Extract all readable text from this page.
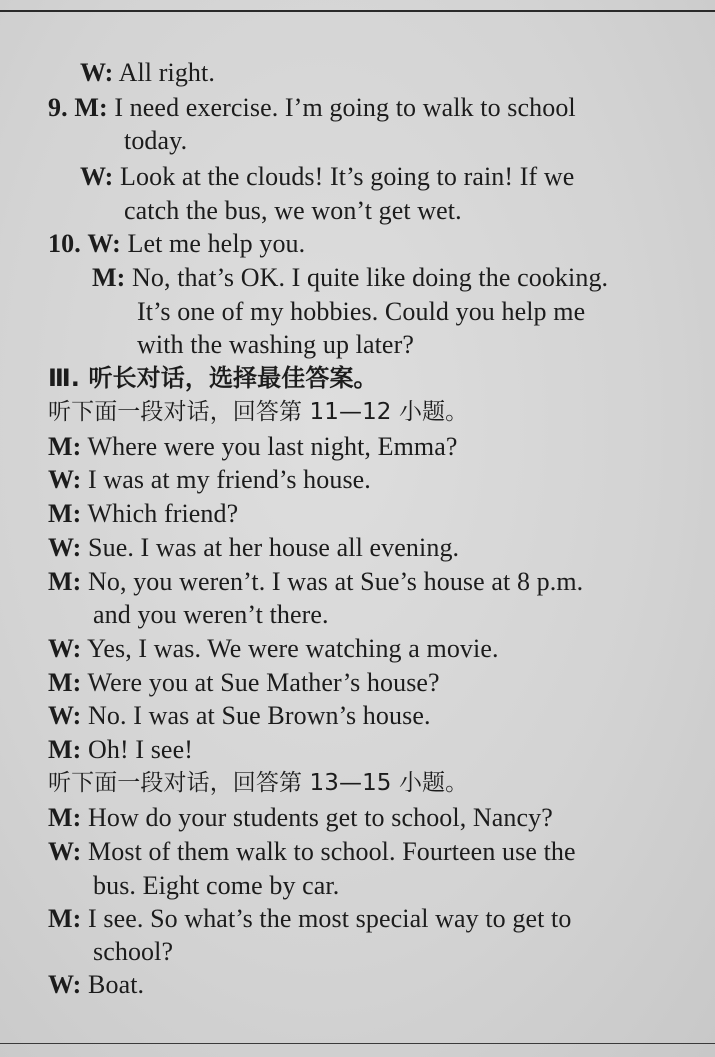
W: All right.
9. M: I need exercise. I’m going to walk to school
today.
W: Look at the clouds! It’s going to rain! If we
catch the bus, we won’t get wet.
10. W: Let me help you.
M: No, that’s OK. I quite like doing the cooking.
It’s one of my hobbies. Could you help me
with the washing up later?
Ⅲ. 听长对话，选择最佳答案。
听下面一段对话，回答第 11—12 小题。
M: Where were you last night, Emma?
W: I was at my friend’s house.
M: Which friend?
W: Sue. I was at her house all evening.
M: No, you weren’t. I was at Sue’s house at 8 p.m.
and you weren’t there.
W: Yes, I was. We were watching a movie.
M: Were you at Sue Mather’s house?
W: No. I was at Sue Brown’s house.
M: Oh! I see!
听下面一段对话，回答第 13—15 小题。
M: How do your students get to school, Nancy?
W: Most of them walk to school. Fourteen use the
bus. Eight come by car.
M: I see. So what’s the most special way to get to
school?
W: Boat.
